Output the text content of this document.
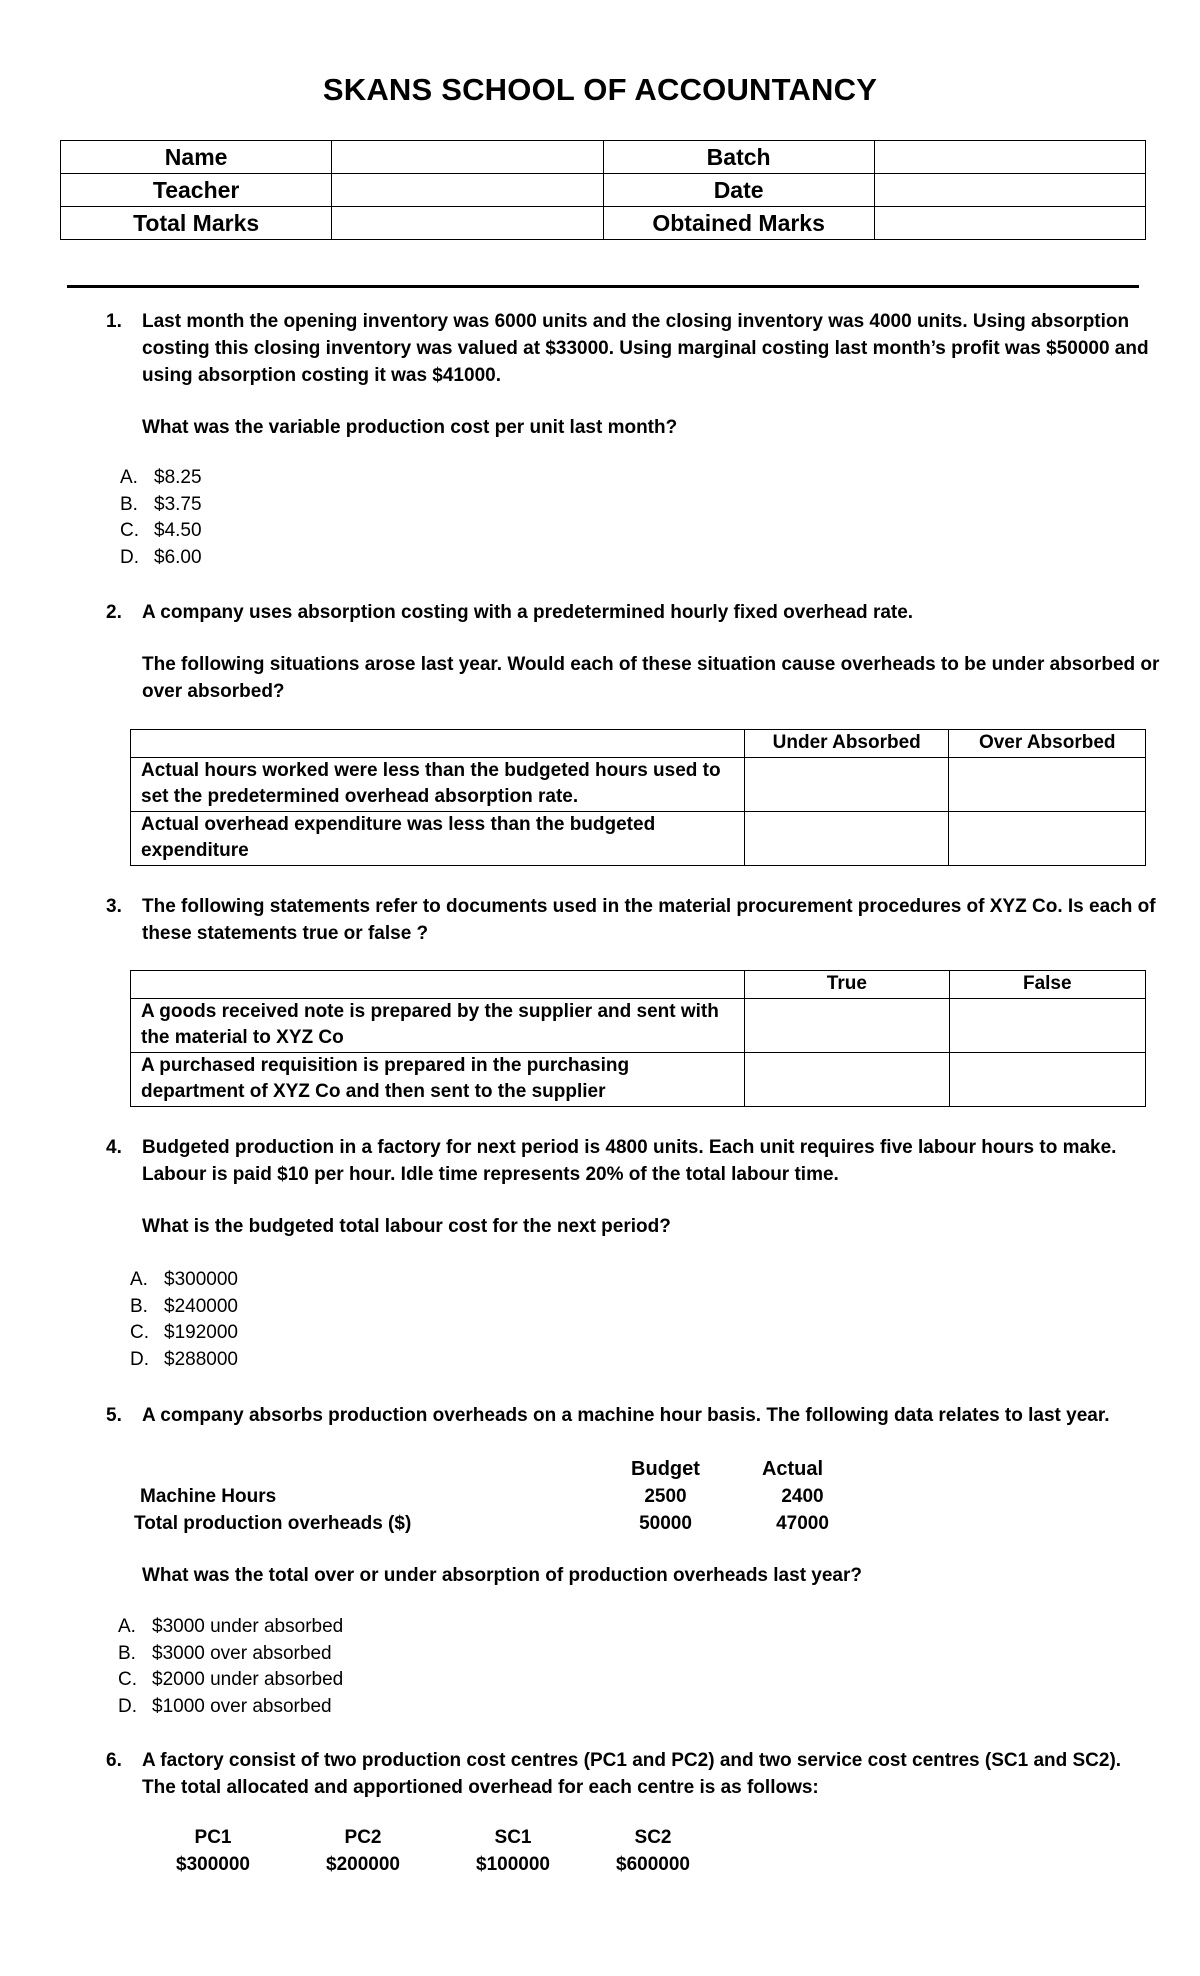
SKANS SCHOOL OF ACCOUNTANCY
Name		Batch	
Teacher		Date	
Total Marks		Obtained Marks	
1. Last month the opening inventory was 6000 units and the closing inventory was 4000 units. Using absorption costing this closing inventory was valued at $33000. Using marginal costing last month’s profit was $50000 and using absorption costing it was $41000.
What was the variable production cost per unit last month?
A. $8.25
B. $3.75
C. $4.50
D. $6.00
2. A company uses absorption costing with a predetermined hourly fixed overhead rate.
The following situations arose last year. Would each of these situation cause overheads to be under absorbed or over absorbed?
	Under Absorbed	Over Absorbed
Actual hours worked were less than the budgeted hours used to set the predetermined overhead absorption rate.		
Actual overhead expenditure was less than the budgeted expenditure		
3. The following statements refer to documents used in the material procurement procedures of XYZ Co. Is each of these statements true or false ?
	True	False
A goods received note is prepared by the supplier and sent with the material to XYZ Co		
A purchased requisition is prepared in the purchasing department of XYZ Co and then sent to the supplier		
4. Budgeted production in a factory for next period is 4800 units. Each unit requires five labour hours to make. Labour is paid $10 per hour. Idle time represents 20% of the total labour time.
What is the budgeted total labour cost for the next period?
A. $300000
B. $240000
C. $192000
D. $288000
5. A company absorbs production overheads on a machine hour basis. The following data relates to last year.
	Budget	Actual
Machine Hours	2500	2400
Total production overheads ($)	50000	47000
What was the total over or under absorption of production overheads last year?
A. $3000 under absorbed
B. $3000 over absorbed
C. $2000 under absorbed
D. $1000 over absorbed
6. A factory consist of two production cost centres (PC1 and PC2) and two service cost centres (SC1 and SC2). The total allocated and apportioned overhead for each centre is as follows:
PC1		PC2		SC1		SC2
$300000		$200000		$100000		$600000
